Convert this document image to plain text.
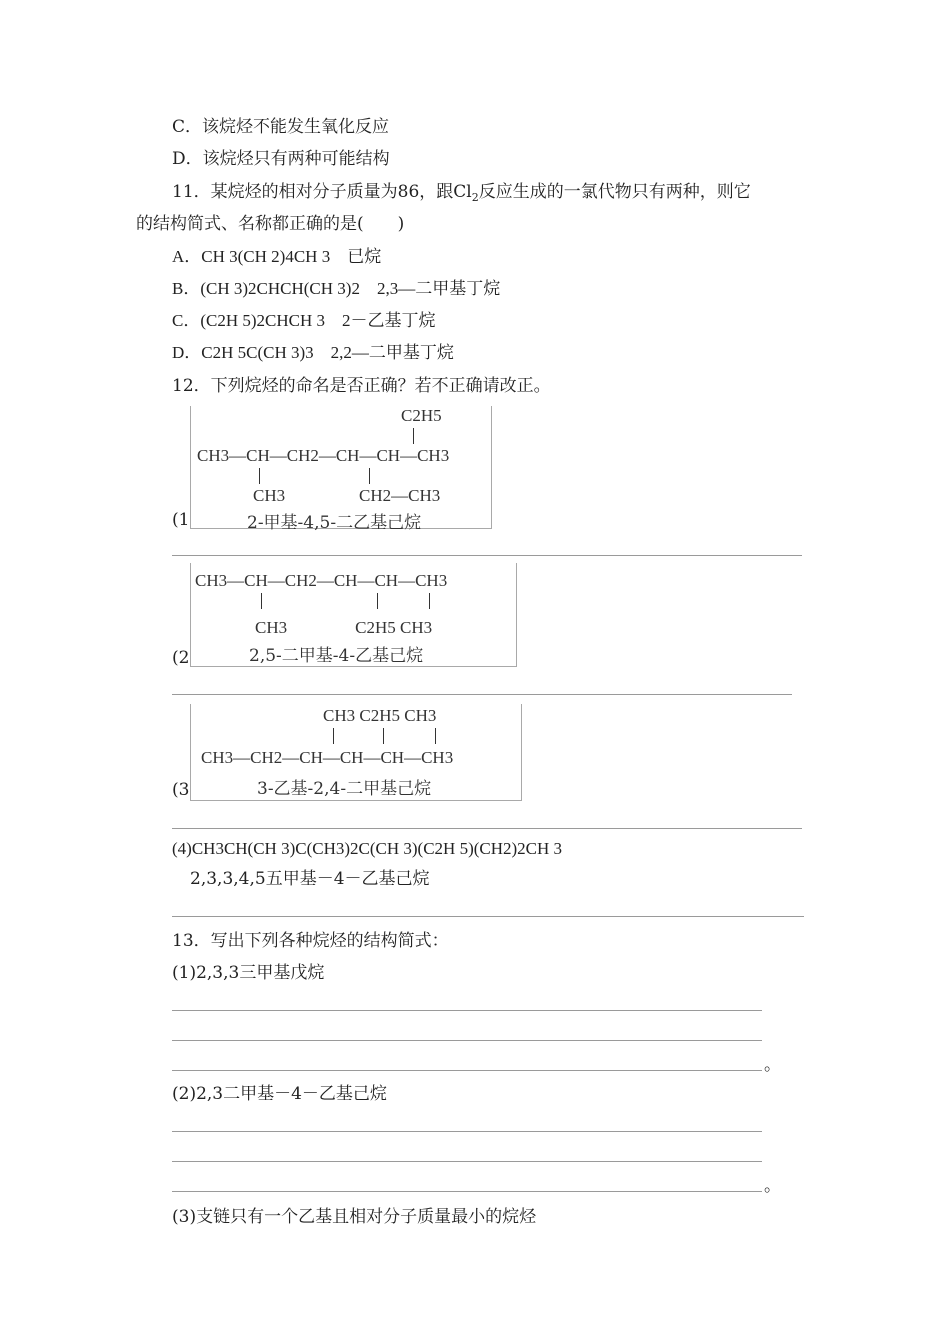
C．该烷烃不能发生氧化反应
D．该烷烃只有两种可能结构
11．某烷烃的相对分子质量为86，跟$Cl_2$反应生成的一氯代物只有两种，则它
的结构简式、名称都正确的是(　　)
A．CH 3(CH 2)4CH 3　已烷
B．(CH 3)2CHCH(CH 3)2　2,3—二甲基丁烷
C．(C2H 5)2CHCH 3　2－乙基丁烷
D．C2H 5C(CH 3)3　2,2—二甲基丁烷
12．下列烷烃的命名是否正确？若不正确请改正。
(1
C2H5
CH3—CH—CH2—CH—CH—CH3
CH3	CH2—CH3
2-甲基-4,5-二乙基己烷
(2
CH3—CH—CH2—CH—CH—CH3
CH3　　　　C2H5 CH3
2,5-二甲基-4-乙基己烷
(3
CH3 C2H5 CH3
CH3—CH2—CH—CH—CH—CH3
3-乙基-2,4-二甲基己烷
(4)CH3CH(CH 3)C(CH3)2C(CH 3)(C2H 5)(CH2)2CH 3
2,3,3,4,5五甲基－4－乙基己烷
13．写出下列各种烷烃的结构简式：
(1)2,3,3三甲基戊烷
。
(2)2,3二甲基－4－乙基己烷
。
(3)支链只有一个乙基且相对分子质量最小的烷烃
